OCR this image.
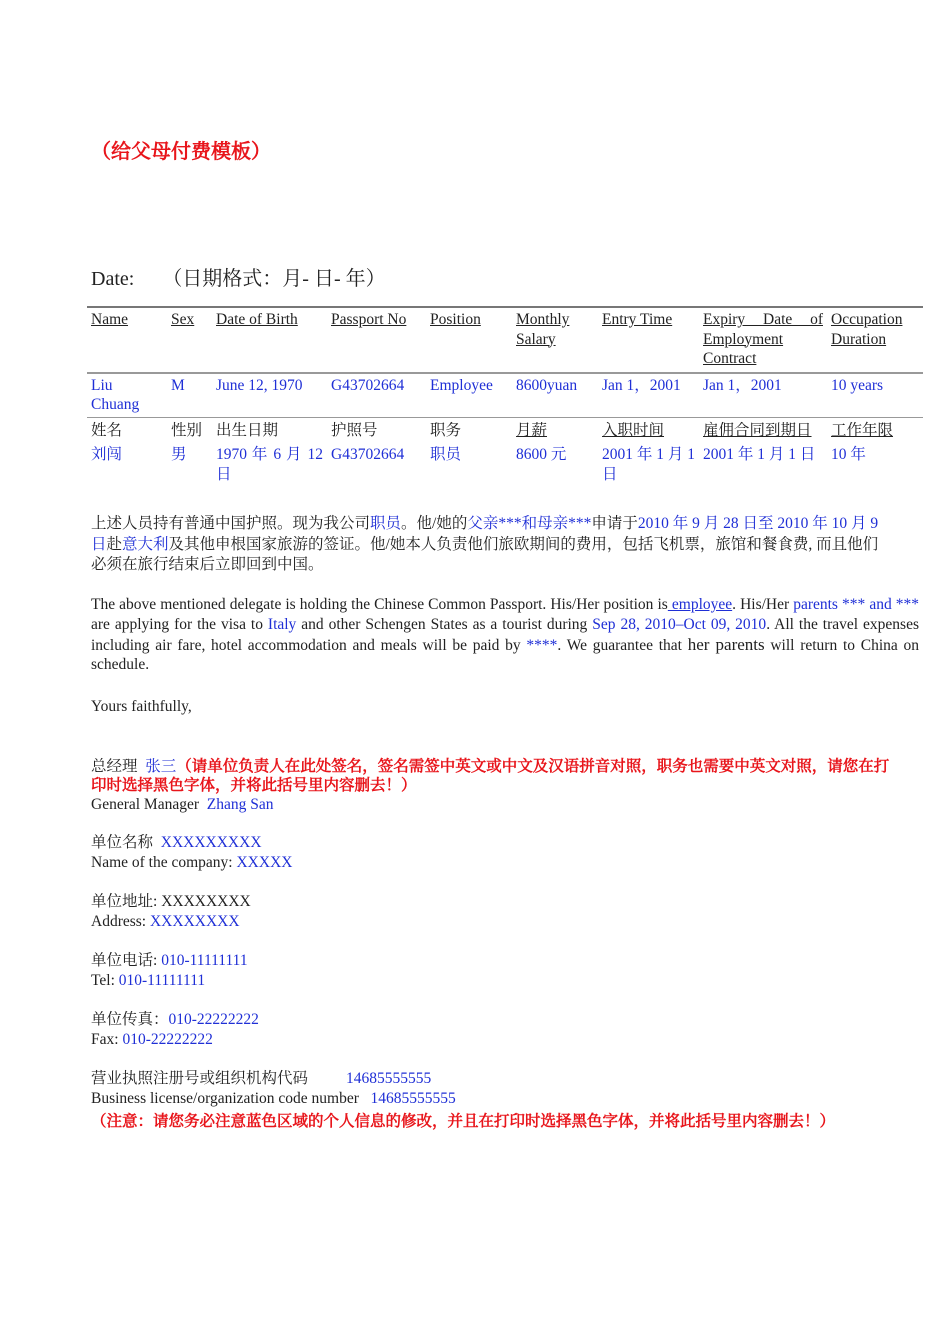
（给父母付费模板）
Date: （日期格式：月- 日- 年）
Name	Sex	Date of Birth	Passport No	Position	Monthly Salary	Entry Time	Expiry Date of Employment Contract	Occupation Duration
Liu Chuang	M	June 12, 1970	G43702664	Employee	8600yuan	Jan 1，2001	Jan 1，2001	10 years
姓名	性别	出生日期	护照号	职务	月薪	入职时间	雇佣合同到期日	工作年限
刘闯	男	1970 年 6 月 12 日	G43702664	职员	8600 元	2001 年 1 月 1 日	2001 年 1 月 1 日	10 年
上述人员持有普通中国护照。现为我公司职员。他/她的父亲***和母亲***申请于2010 年 9 月 28 日至 2010 年 10 月 9 日赴意大利及其他申根国家旅游的签证。他/她本人负责他们旅欧期间的费用，包括飞机票，旅馆和餐食费, 而且他们必须在旅行结束后立即回到中国。
The above mentioned delegate is holding the Chinese Common Passport. His/Her position is employee. His/Her parents *** and *** are applying for the visa to Italy and other Schengen States as a tourist during Sep 28, 2010–Oct 09, 2010. All the travel expenses including air fare, hotel accommodation and meals will be paid by ****. We guarantee that her parents will return to China on schedule.
Yours faithfully,
总经理 张三（请单位负责人在此处签名，签名需签中英文或中文及汉语拼音对照，职务也需要中英文对照，请您在打印时选择黑色字体，并将此括号里内容删去！）
General Manager Zhang San
单位名称 XXXXXXXXX
Name of the company: XXXXX
单位地址: XXXXXXXX
Address: XXXXXXXX
单位电话: 010-11111111
Tel: 010-11111111
单位传真：010-22222222
Fax: 010-22222222
营业执照注册号或组织机构代码 14685555555
Business license/organization code number 14685555555
（注意：请您务必注意蓝色区域的个人信息的修改，并且在打印时选择黑色字体，并将此括号里内容删去！）
